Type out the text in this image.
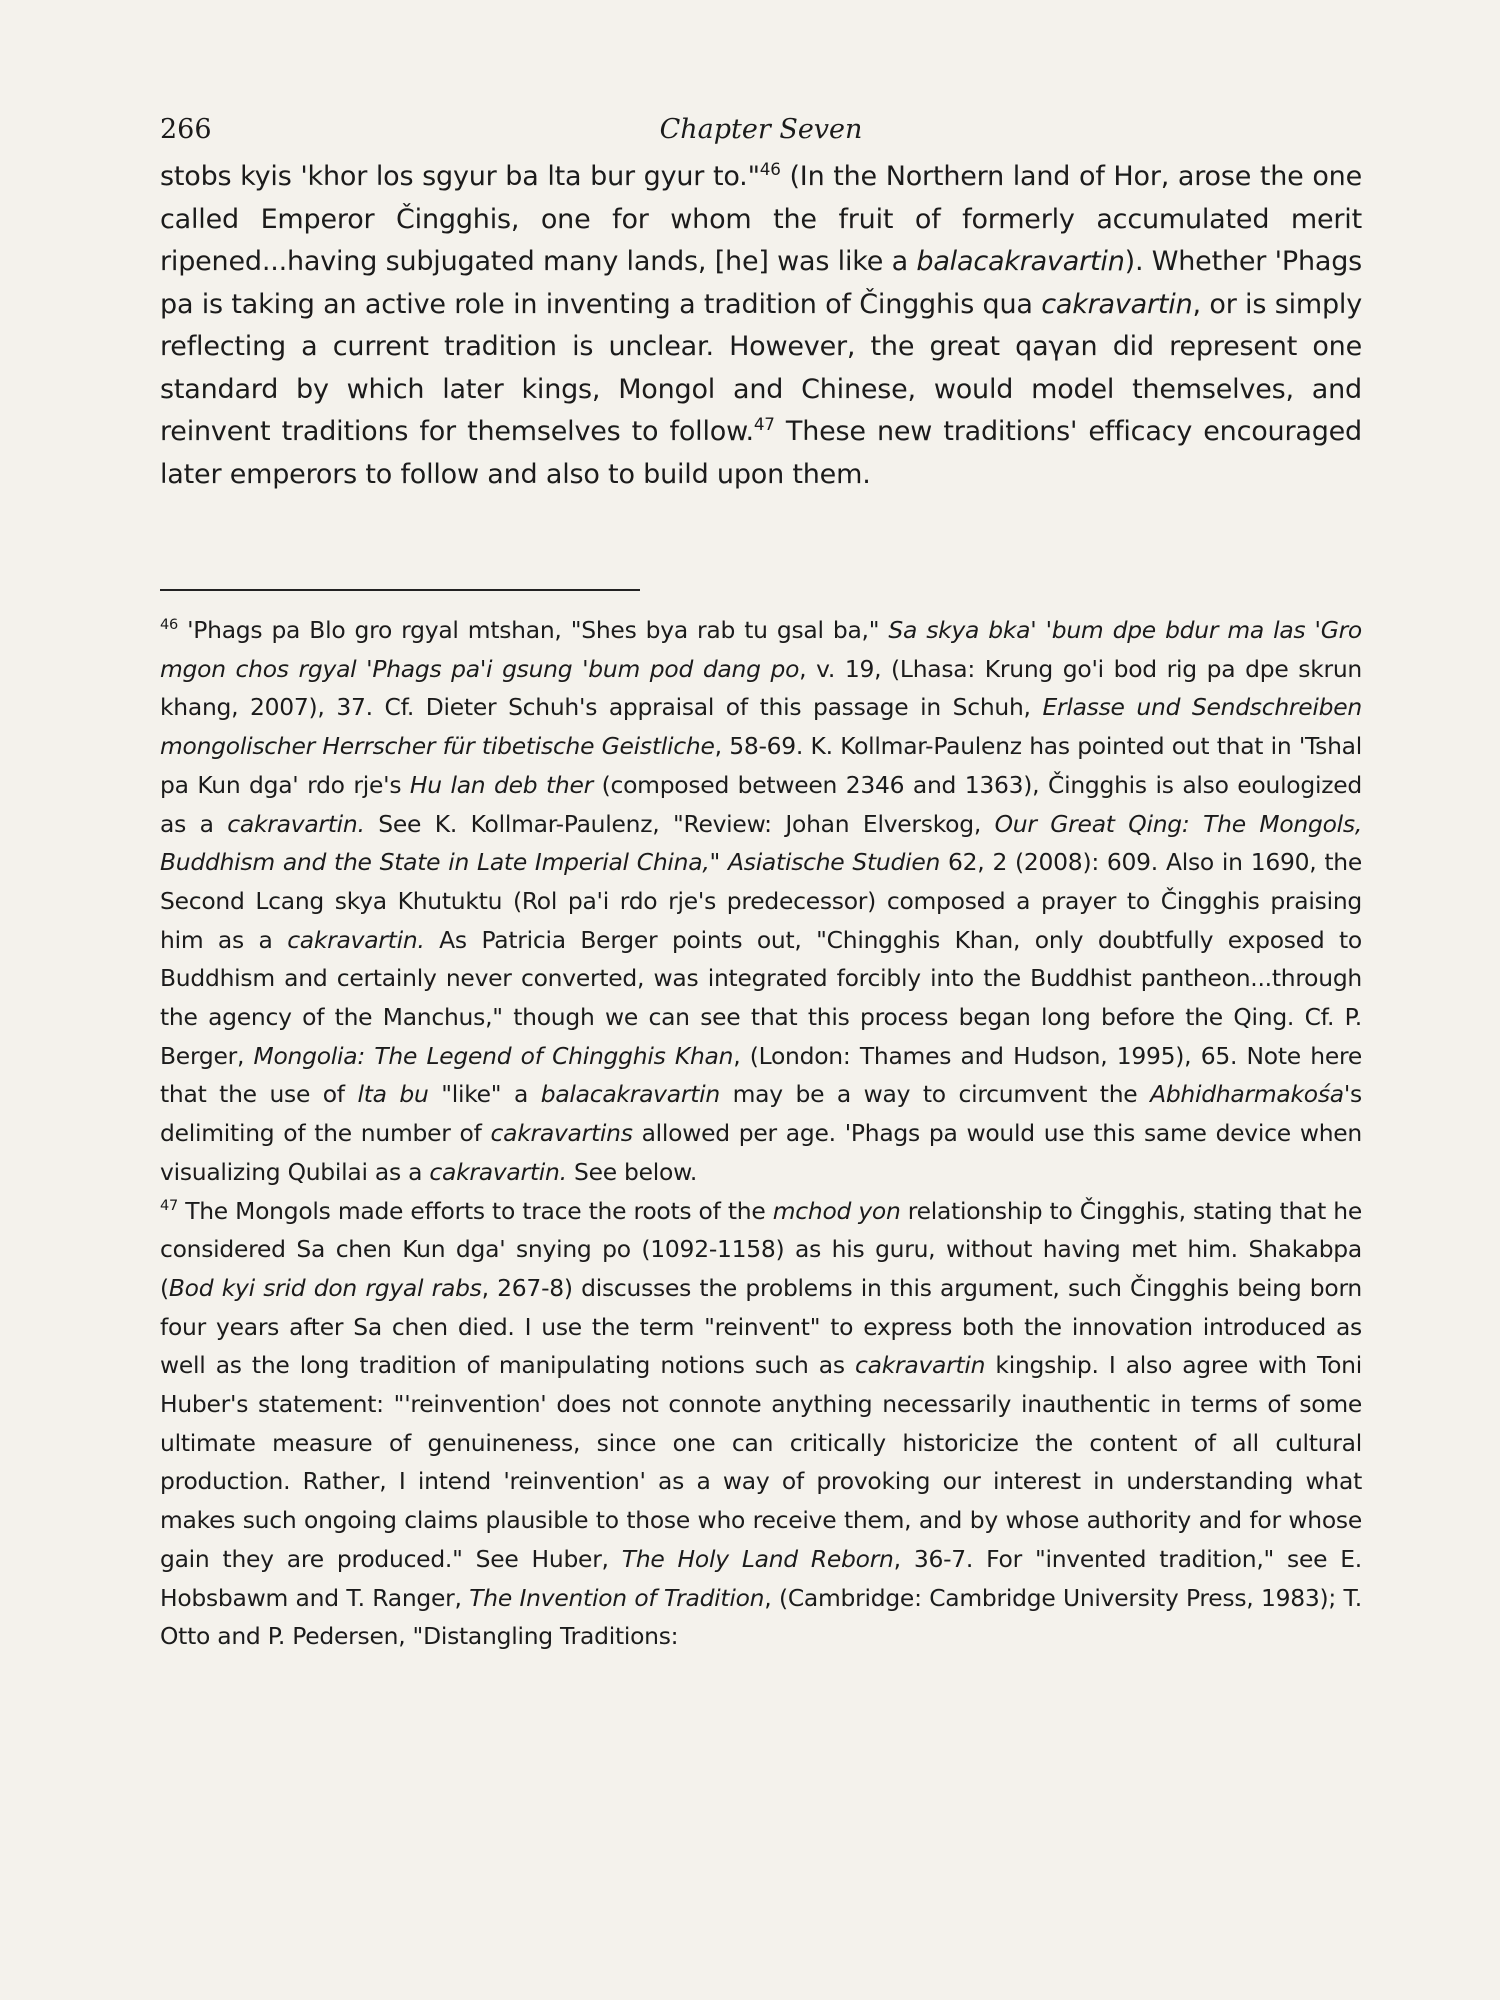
266	Chapter Seven

stobs kyis 'khor los sgyur ba lta bur gyur to."$^{46}$ (In the Northern land of Hor, arose the one called Emperor Čingghis, one for whom the fruit of formerly accumulated merit ripened...having subjugated many lands, [he] was like a balacakravartin). Whether 'Phags pa is taking an active role in inventing a tradition of Čingghis qua cakravartin, or is simply reflecting a current tradition is unclear. However, the great qaγan did represent one standard by which later kings, Mongol and Chinese, would model themselves, and reinvent traditions for themselves to follow.$^{47}$ These new traditions' efficacy encouraged later emperors to follow and also to build upon them.

$^{46}$ 'Phags pa Blo gro rgyal mtshan, "Shes bya rab tu gsal ba," Sa skya bka' 'bum dpe bdur ma las 'Gro mgon chos rgyal 'Phags pa'i gsung 'bum pod dang po, v. 19, (Lhasa: Krung go'i bod rig pa dpe skrun khang, 2007), 37. Cf. Dieter Schuh's appraisal of this passage in Schuh, Erlasse und Sendschreiben mongolischer Herrscher für tibetische Geistliche, 58-69. K. Kollmar-Paulenz has pointed out that in 'Tshal pa Kun dga' rdo rje's Hu lan deb ther (composed between 2346 and 1363), Čingghis is also eoulogized as a cakravartin. See K. Kollmar-Paulenz, "Review: Johan Elverskog, Our Great Qing: The Mongols, Buddhism and the State in Late Imperial China," Asiatische Studien 62, 2 (2008): 609. Also in 1690, the Second Lcang skya Khutuktu (Rol pa'i rdo rje's predecessor) composed a prayer to Čingghis praising him as a cakravartin. As Patricia Berger points out, "Chingghis Khan, only doubtfully exposed to Buddhism and certainly never converted, was integrated forcibly into the Buddhist pantheon...through the agency of the Manchus," though we can see that this process began long before the Qing. Cf. P. Berger, Mongolia: The Legend of Chingghis Khan, (London: Thames and Hudson, 1995), 65. Note here that the use of lta bu "like" a balacakravartin may be a way to circumvent the Abhidharmakośa's delimiting of the number of cakravartins allowed per age. 'Phags pa would use this same device when visualizing Qubilai as a cakravartin. See below.

$^{47}$ The Mongols made efforts to trace the roots of the mchod yon relationship to Čingghis, stating that he considered Sa chen Kun dga' snying po (1092-1158) as his guru, without having met him. Shakabpa (Bod kyi srid don rgyal rabs, 267-8) discusses the problems in this argument, such Čingghis being born four years after Sa chen died. I use the term "reinvent" to express both the innovation introduced as well as the long tradition of manipulating notions such as cakravartin kingship. I also agree with Toni Huber's statement: "'reinvention' does not connote anything necessarily inauthentic in terms of some ultimate measure of genuineness, since one can critically historicize the content of all cultural production. Rather, I intend 'reinvention' as a way of provoking our interest in understanding what makes such ongoing claims plausible to those who receive them, and by whose authority and for whose gain they are produced." See Huber, The Holy Land Reborn, 36-7. For "invented tradition," see E. Hobsbawm and T. Ranger, The Invention of Tradition, (Cambridge: Cambridge University Press, 1983); T. Otto and P. Pedersen, "Distangling Traditions:
